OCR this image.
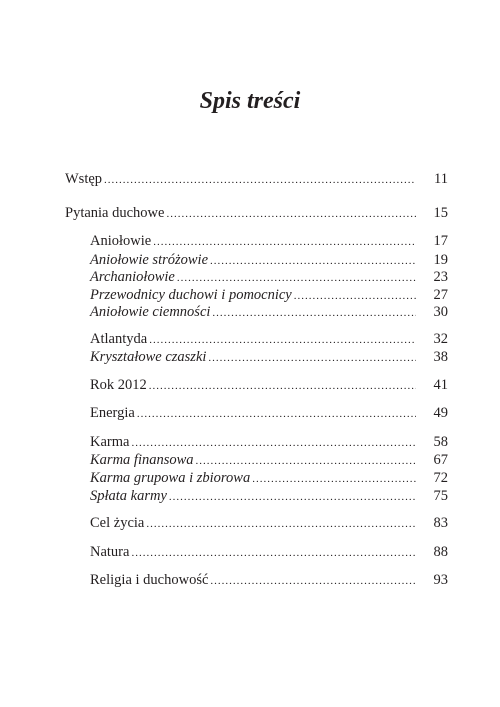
Spis treści
Wstęp .....	11
Pytania duchowe .....	15
Aniołowie .....	17
Aniołowie stróżowie .....	19
Archaniołowie .....	23
Przewodnicy duchowi i pomocnicy .....	27
Aniołowie ciemności .....	30
Atlantyda .....	32
Kryształowe czaszki .....	38
Rok 2012 .....	41
Energia .....	49
Karma .....	58
Karma finansowa .....	67
Karma grupowa i zbiorowa .....	72
Spłata karmy .....	75
Cel życia .....	83
Natura .....	88
Religia i duchowość .....	93
